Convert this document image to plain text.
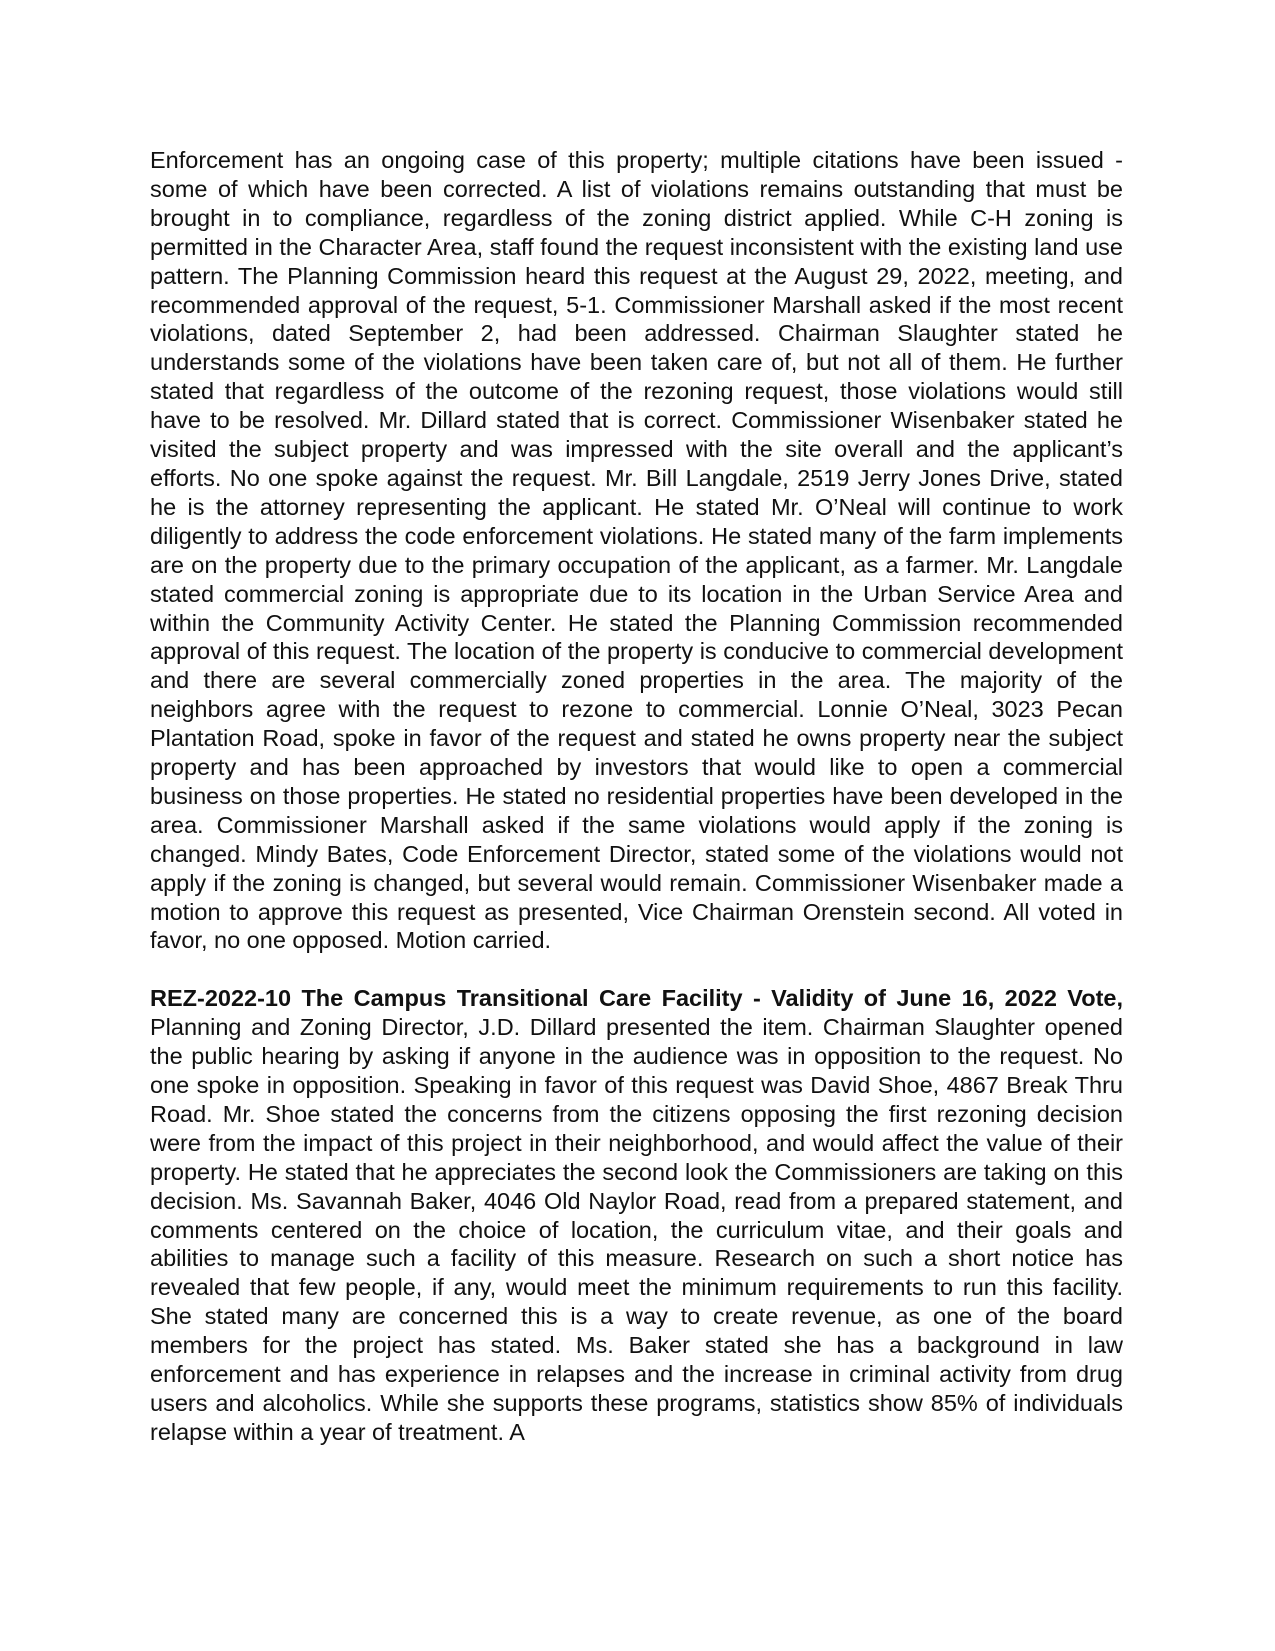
Enforcement has an ongoing case of this property; multiple citations have been issued - some of which have been corrected. A list of violations remains outstanding that must be brought in to compliance, regardless of the zoning district applied. While C-H zoning is permitted in the Character Area, staff found the request inconsistent with the existing land use pattern. The Planning Commission heard this request at the August 29, 2022, meeting, and recommended approval of the request, 5-1. Commissioner Marshall asked if the most recent violations, dated September 2, had been addressed. Chairman Slaughter stated he understands some of the violations have been taken care of, but not all of them. He further stated that regardless of the outcome of the rezoning request, those violations would still have to be resolved. Mr. Dillard stated that is correct. Commissioner Wisenbaker stated he visited the subject property and was impressed with the site overall and the applicant’s efforts. No one spoke against the request. Mr. Bill Langdale, 2519 Jerry Jones Drive, stated he is the attorney representing the applicant. He stated Mr. O’Neal will continue to work diligently to address the code enforcement violations. He stated many of the farm implements are on the property due to the primary occupation of the applicant, as a farmer. Mr. Langdale stated commercial zoning is appropriate due to its location in the Urban Service Area and within the Community Activity Center. He stated the Planning Commission recommended approval of this request. The location of the property is conducive to commercial development and there are several commercially zoned properties in the area. The majority of the neighbors agree with the request to rezone to commercial. Lonnie O’Neal, 3023 Pecan Plantation Road, spoke in favor of the request and stated he owns property near the subject property and has been approached by investors that would like to open a commercial business on those properties. He stated no residential properties have been developed in the area. Commissioner Marshall asked if the same violations would apply if the zoning is changed. Mindy Bates, Code Enforcement Director, stated some of the violations would not apply if the zoning is changed, but several would remain. Commissioner Wisenbaker made a motion to approve this request as presented, Vice Chairman Orenstein second. All voted in favor, no one opposed. Motion carried.

REZ-2022-10 The Campus Transitional Care Facility - Validity of June 16, 2022 Vote, Planning and Zoning Director, J.D. Dillard presented the item. Chairman Slaughter opened the public hearing by asking if anyone in the audience was in opposition to the request. No one spoke in opposition. Speaking in favor of this request was David Shoe, 4867 Break Thru Road. Mr. Shoe stated the concerns from the citizens opposing the first rezoning decision were from the impact of this project in their neighborhood, and would affect the value of their property. He stated that he appreciates the second look the Commissioners are taking on this decision. Ms. Savannah Baker, 4046 Old Naylor Road, read from a prepared statement, and comments centered on the choice of location, the curriculum vitae, and their goals and abilities to manage such a facility of this measure. Research on such a short notice has revealed that few people, if any, would meet the minimum requirements to run this facility. She stated many are concerned this is a way to create revenue, as one of the board members for the project has stated. Ms. Baker stated she has a background in law enforcement and has experience in relapses and the increase in criminal activity from drug users and alcoholics. While she supports these programs, statistics show 85% of individuals relapse within a year of treatment. A
